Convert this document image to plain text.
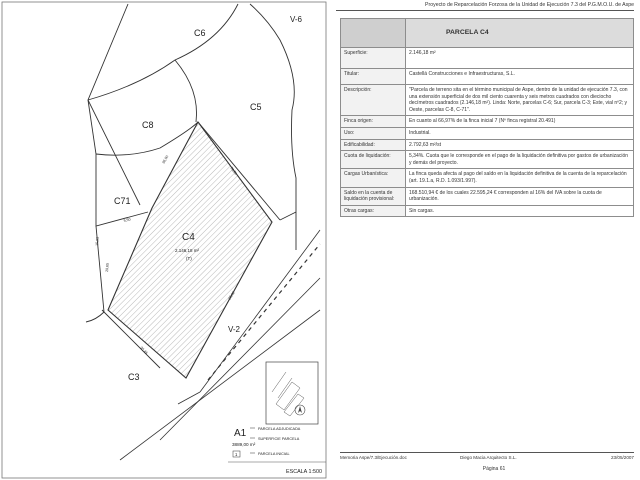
V-6
C6
C5
C8
C71
C4
2.146,18 m²
(T)
V-2
C3
36,00
78,81
5,50
15,95
35,45
23,62
20,65
A1
3889,00 m²
1
PARCELA ADJUDICADA
SUPERFICIE PARCELA
PARCELA INICIAL
ESCALA 1:500
Proyecto de Reparcelación Forzosa de la Unidad de Ejecución 7.3 del P.G.M.O.U. de Aspe
	PARCELA C4
Superficie:	2.146,18 m²
Titular:	Castellá Construcciones e Infraestructuras, S.L.
Descripción:	"Parcela de terreno sita en el término municipal de Aspe, dentro de la unidad de ejecución 7.3, con una extensión superficial de dos mil ciento cuarenta y seis metros cuadrados con dieciocho decímetros cuadrados (2.146,18 m²). Linda: Norte, parcelas C-6; Sur, parcela C-3; Este, vial nº2; y Oeste, parcelas C-8, C-71".
Finca origen:	En cuanto al 66,97% de la finca inicial 7 (Nº finca registral 20.491)
Uso:	Industrial.
Edificabilidad:	2.792,63 m²/st
Cuota de liquidación:	5,34%. Cuota que le corresponde en el pago de la liquidación definitiva por gastos de urbanización y demás del proyecto.
Cargas Urbanística:	La finca queda afecta al pago del saldo en la liquidación definitiva de la cuenta de la reparcelación (art. 19.1.a, R.D. 1.093/1.997).
Saldo en la cuenta de liquidación provisional:	168.510,94 € de los cuales 22.595,24 € corresponden al 16% del IVA sobre la cuota de urbanización.
Otras cargas:	Sin cargas.
Memoria Aspe/7.3/Ejecución.doc	Diego Macia Arquitecto S.L.	23/05/2007
Página 61
